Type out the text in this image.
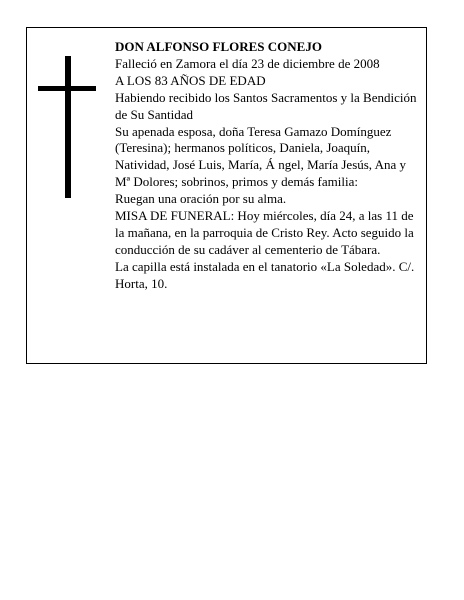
DON ALFONSO FLORES CONEJO

Falleció en Zamora el día 23 de diciembre de 2008

A LOS 83 AÑOS DE EDAD

Habiendo recibido los Santos Sacramentos y la Bendición de Su Santidad

Su apenada esposa, doña Teresa Gamazo Domínguez (Teresina); hermanos políticos, Daniela, Joaquín, Natividad, José Luis, María, Á ngel, María Jesús, Ana y Mª Dolores; sobrinos, primos y demás familia:

Ruegan una oración por su alma.

MISA DE FUNERAL: Hoy miércoles, día 24, a las 11 de la mañana, en la parroquia de Cristo Rey. Acto seguido la conducción de su cadáver al cementerio de Tábara.

La capilla está instalada en el tanatorio «La Soledad». C/. Horta, 10.
